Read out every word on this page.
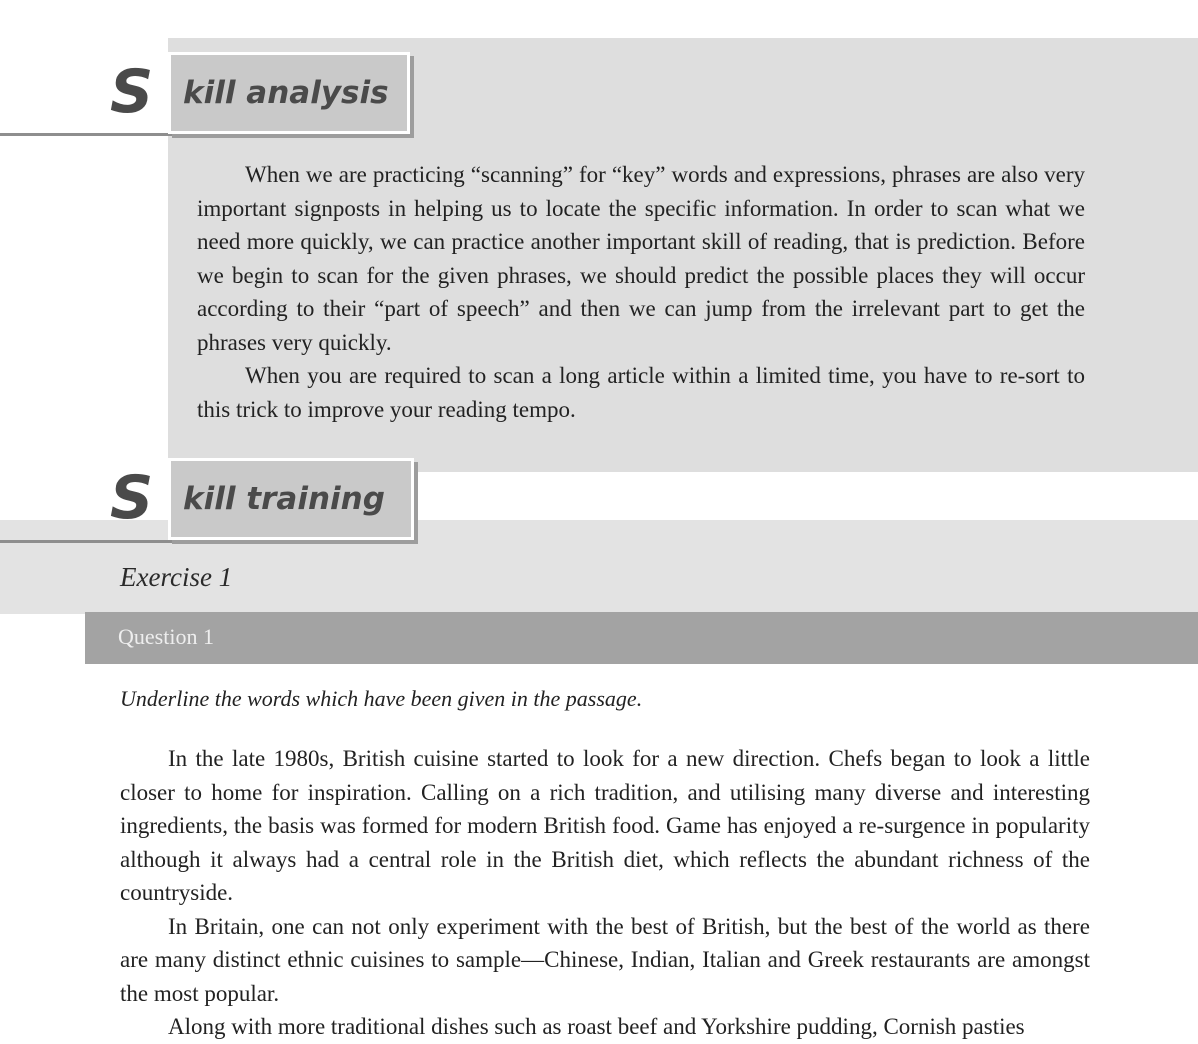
kill analysis
S

When we are practicing “scanning” for “key” words and expressions, phrases are also very important signposts in helping us to locate the specific information. In order to scan what we need more quickly, we can practice another important skill of reading, that is prediction. Before we begin to scan for the given phrases, we should predict the possible places they will occur according to their “part of speech” and then we can jump from the irrelevant part to get the phrases very quickly.

When you are required to scan a long article within a limited time, you have to re-sort to this trick to improve your reading tempo.

kill training
S
Exercise 1
Question 1
Underline the words which have been given in the passage.

In the late 1980s, British cuisine started to look for a new direction. Chefs began to look a little closer to home for inspiration. Calling on a rich tradition, and utilising many diverse and interesting ingredients, the basis was formed for modern British food. Game has enjoyed a re-surgence in popularity although it always had a central role in the British diet, which reflects the abundant richness of the countryside.

In Britain, one can not only experiment with the best of British, but the best of the world as there are many distinct ethnic cuisines to sample—Chinese, Indian, Italian and Greek restaurants are amongst the most popular.

Along with more traditional dishes such as roast beef and Yorkshire pudding, Cornish pasties
